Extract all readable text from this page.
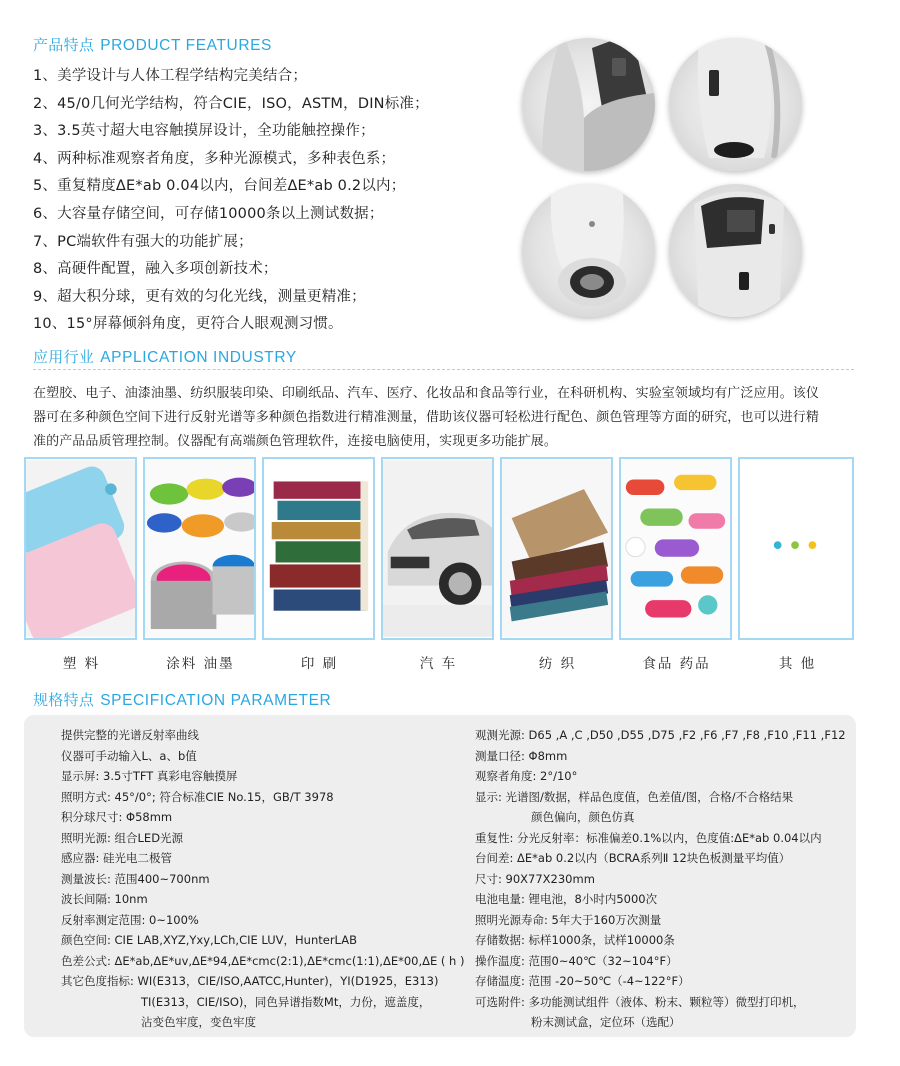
产品特点 PRODUCT FEATURES
1、美学设计与人体工程学结构完美结合；
2、45/0几何光学结构，符合CIE，ISO，ASTM，DIN标准；
3、3.5英寸超大电容触摸屏设计，全功能触控操作；
4、两种标准观察者角度，多种光源模式，多种表色系；
5、重复精度ΔE*ab 0.04以内，台间差ΔE*ab 0.2以内；
6、大容量存储空间，可存储10000条以上测试数据；
7、PC端软件有强大的功能扩展；
8、高硬件配置，融入多项创新技术；
9、超大积分球，更有效的匀化光线，测量更精准；
10、15°屏幕倾斜角度，更符合人眼观测习惯。
应用行业 APPLICATION INDUSTRY
在塑胶、电子、油漆油墨、纺织服装印染、印刷纸品、汽车、医疗、化妆品和食品等行业，在科研机构、实验室领域均有广泛应用。该仪
器可在多种颜色空间下进行反射光谱等多种颜色指数进行精准测量，借助该仪器可轻松进行配色、颜色管理等方面的研究，也可以进行精
准的产品品质管理控制。仪器配有高端颜色管理软件，连接电脑使用，实现更多功能扩展。
塑 料	涂料 油墨	印 刷	汽 车	纺 织	食品 药品	其 他
规格特点 SPECIFICATION PARAMETER
提供完整的光谱反射率曲线
仪器可手动输入L、a、b值
显示屏: 3.5寸TFT 真彩电容触摸屏
照明方式: 45°/0°; 符合标准CIE No.15，GB/T 3978
积分球尺寸: Φ58mm
照明光源: 组合LED光源
感应器: 硅光电二极管
测量波长: 范围400~700nm
波长间隔: 10nm
反射率测定范围: 0~100%
颜色空间: CIE LAB,XYZ,Yxy,LCh,CIE LUV，HunterLAB
色差公式: ΔE*ab,ΔE*uv,ΔE*94,ΔE*cmc(2:1),ΔE*cmc(1:1),ΔE*00,ΔE ( h )
其它色度指标: WI(E313，CIE/ISO,AATCC,Hunter)，YI(D1925，E313)
TI(E313，CIE/ISO)，同色异谱指数Mt，力份，遮盖度，
沾变色牢度，变色牢度
观测光源: D65 ,A ,C ,D50 ,D55 ,D75 ,F2 ,F6 ,F7 ,F8 ,F10 ,F11 ,F12
测量口径: Φ8mm
观察者角度: 2°/10°
显示: 光谱图/数据，样品色度值，色差值/图，合格/不合格结果
颜色偏向，颜色仿真
重复性: 分光反射率：标准偏差0.1%以内，色度值:ΔE*ab 0.04以内
台间差: ΔE*ab 0.2以内（BCRA系列Ⅱ 12块色板测量平均值）
尺寸: 90X77X230mm
电池电量: 锂电池，8小时内5000次
照明光源寿命: 5年大于160万次测量
存储数据: 标样1000条，试样10000条
操作温度: 范围0~40℃（32~104°F）
存储温度: 范围 -20~50℃（-4~122°F）
可选附件: 多功能测试组件（液体、粉末、颗粒等）微型打印机，
粉末测试盒，定位环（选配）
